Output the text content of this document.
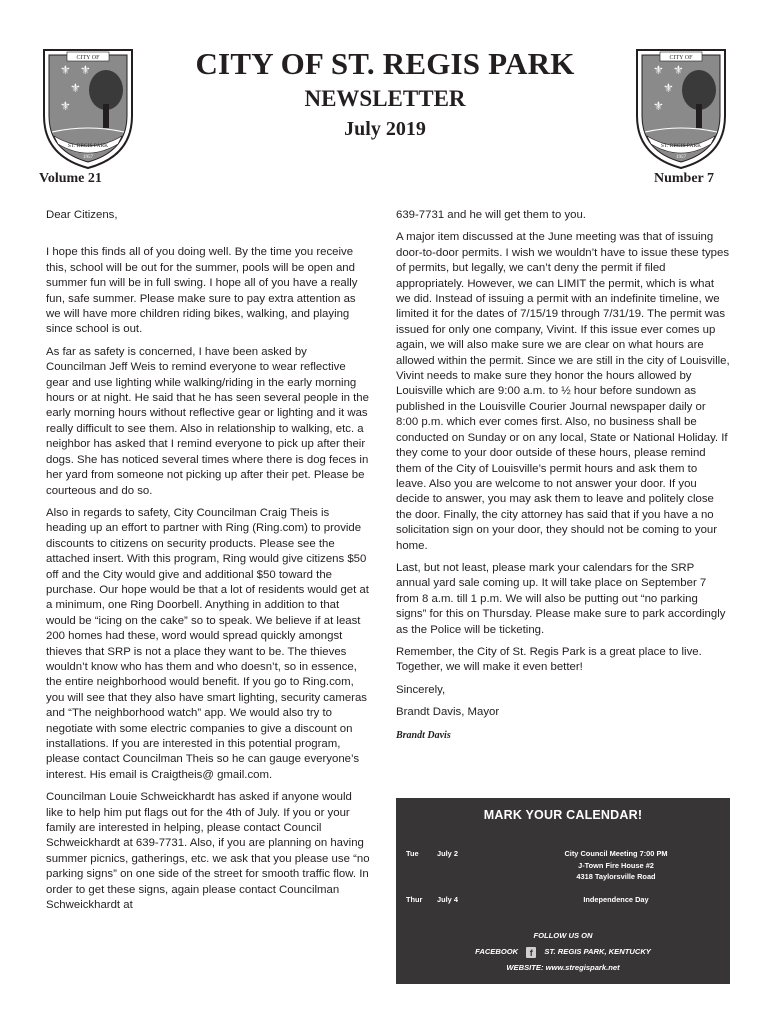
CITY OF
⚜ ⚜
⚜
⚜
ST. REGIS PARK
1957
CITY OF
⚜ ⚜
⚜
⚜
ST. REGIS PARK
1957
CITY OF ST. REGIS PARK
NEWSLETTER
July 2019
Volume 21	Number 7

Dear Citizens,

I hope this finds all of you doing well. By the time you receive this, school will be out for the summer, pools will be open and summer fun will be in full swing. I hope all of you have a really fun, safe summer. Please make sure to pay extra attention as we will have more children riding bikes, walking, and playing since school is out.

As far as safety is concerned, I have been asked by Councilman Jeff Weis to remind everyone to wear reflective gear and use lighting while walking/riding in the early morning hours or at night. He said that he has seen several people in the early morning hours without reflective gear or lighting and it was really difficult to see them. Also in relationship to walking, etc. a neighbor has asked that I remind everyone to pick up after their dogs. She has noticed several times where there is dog feces in her yard from someone not picking up after their pet. Please be courteous and do so.

Also in regards to safety, City Councilman Craig Theis is heading up an effort to partner with Ring (Ring.com) to provide discounts to citizens on security products. Please see the attached insert. With this program, Ring would give citizens $50 off and the City would give and additional $50 toward the purchase. Our hope would be that a lot of residents would get at a minimum, one Ring Doorbell. Anything in addition to that would be “icing on the cake” so to speak. We believe if at least 200 homes had these, word would spread quickly amongst thieves that SRP is not a place they want to be. The thieves wouldn’t know who has them and who doesn’t, so in essence, the entire neighborhood would benefit. If you go to Ring.com, you will see that they also have smart lighting, security cameras and “The neighborhood watch” app. We would also try to negotiate with some electric companies to give a discount on installations. If you are interested in this potential program, please contact Councilman Theis so he can gauge everyone’s interest. His email is Craigtheis@ gmail.com.

Councilman Louie Schweickhardt has asked if anyone would like to help him put flags out for the 4th of July. If you or your family are interested in helping, please contact Council Schweickhardt at 639-7731. Also, if you are planning on having summer picnics, gatherings, etc. we ask that you please use “no parking signs” on one side of the street for smooth traffic flow. In order to get these signs, again please contact Councilman Schweickhardt at

639-7731 and he will get them to you.

A major item discussed at the June meeting was that of issuing door-to-door permits. I wish we wouldn’t have to issue these types of permits, but legally, we can’t deny the permit if filed appropriately. However, we can LIMIT the permit, which is what we did. Instead of issuing a permit with an indefinite timeline, we limited it for the dates of 7/15/19 through 7/31/19. The permit was issued for only one company, Vivint. If this issue ever comes up again, we will also make sure we are clear on what hours are allowed within the permit. Since we are still in the city of Louisville, Vivint needs to make sure they honor the hours allowed by Louisville which are 9:00 a.m. to ½ hour before sundown as published in the Louisville Courier Journal newspaper daily or 8:00 p.m. which ever comes first. Also, no business shall be conducted on Sunday or on any local, State or National Holiday. If they come to your door outside of these hours, please remind them of the City of Louisville’s permit hours and ask them to leave. Also you are welcome to not answer your door. If you decide to answer, you may ask them to leave and politely close the door. Finally, the city attorney has said that if you have a no solicitation sign on your door, they should not be coming to your home.

Last, but not least, please mark your calendars for the SRP annual yard sale coming up. It will take place on September 7 from 8 a.m. till 1 p.m. We will also be putting out “no parking signs” for this on Thursday. Please make sure to park accordingly as the Police will be ticketing.

Remember, the City of St. Regis Park is a great place to live. Together, we will make it even better!

Sincerely,

Brandt Davis, Mayor

Brandt Davis

MARK YOUR CALENDAR!
Tue July 2	City Council Meeting 7:00 PM
J-Town Fire House #2
4318 Taylorsville Road
Thur July 4	Independence Day
FOLLOW US ON
FACEBOOK f ST. REGIS PARK, KENTUCKY
WEBSITE: www.stregispark.net
